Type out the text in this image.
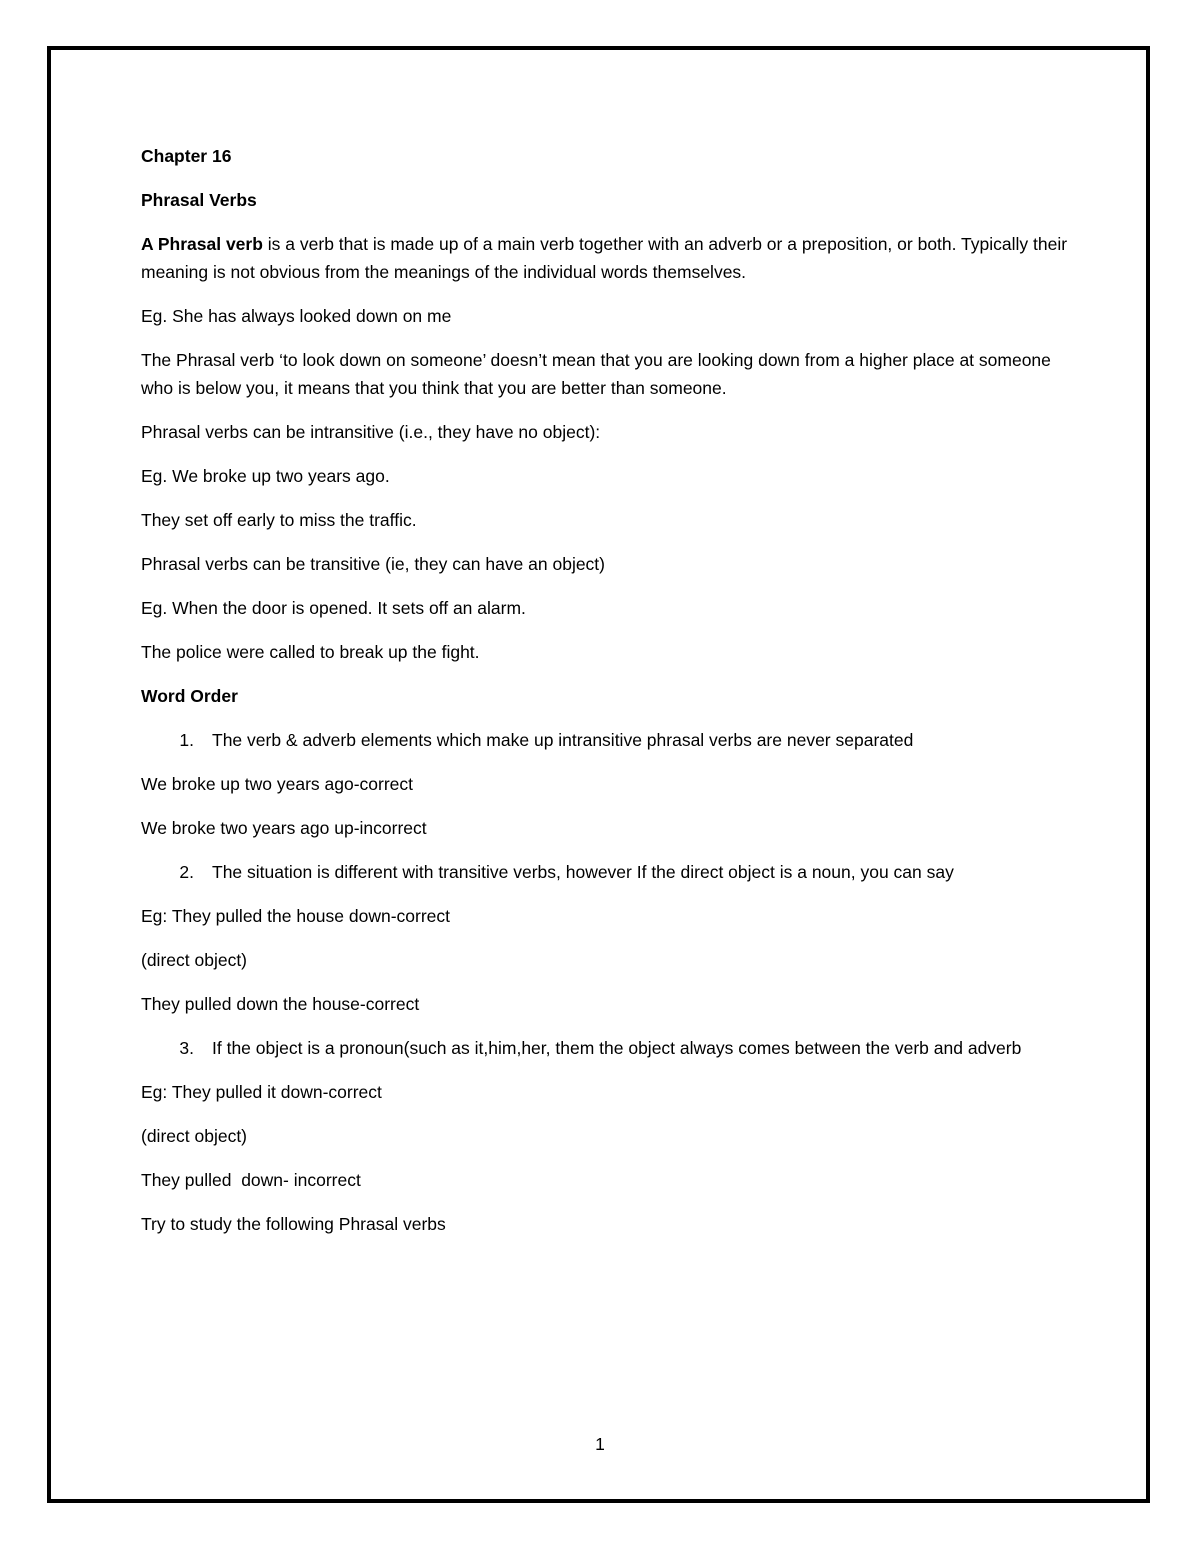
Chapter 16

Phrasal Verbs

A Phrasal verb is a verb that is made up of a main verb together with an adverb or a preposition, or both. Typically their meaning is not obvious from the meanings of the individual words themselves.

Eg. She has always looked down on me

The Phrasal verb ‘to look down on someone’ doesn’t mean that you are looking down from a higher place at someone who is below you, it means that you think that you are better than someone.

Phrasal verbs can be intransitive (i.e., they have no object):

Eg. We broke up two years ago.

They set off early to miss the traffic.

Phrasal verbs can be transitive (ie, they can have an object)

Eg. When the door is opened. It sets off an alarm.

The police were called to break up the fight.

Word Order

1.	The verb & adverb elements which make up intransitive phrasal verbs are never separated

We broke up two years ago-correct

We broke two years ago up-incorrect

2.	The situation is different with transitive verbs, however If the direct object is a noun, you can say

Eg: They pulled the house down-correct

(direct object)

They pulled down the house-correct

3.	If the object is a pronoun(such as it,him,her, them the object always comes between the verb and adverb

Eg: They pulled it down-correct

(direct object)

They pulled  down- incorrect

Try to study the following Phrasal verbs

1
